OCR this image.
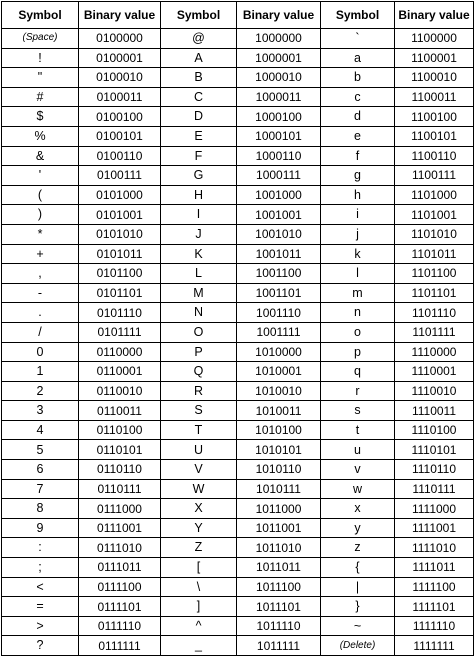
Symbol	Binary value	Symbol	Binary value	Symbol	Binary value
(Space)	0100000	@	1000000	`	1100000
!	0100001	A	1000001	a	1100001
"	0100010	B	1000010	b	1100010
#	0100011	C	1000011	c	1100011
$	0100100	D	1000100	d	1100100
%	0100101	E	1000101	e	1100101
&	0100110	F	1000110	f	1100110
'	0100111	G	1000111	g	1100111
(	0101000	H	1001000	h	1101000
)	0101001	I	1001001	i	1101001
*	0101010	J	1001010	j	1101010
+	0101011	K	1001011	k	1101011
,	0101100	L	1001100	l	1101100
-	0101101	M	1001101	m	1101101
.	0101110	N	1001110	n	1101110
/	0101111	O	1001111	o	1101111
0	0110000	P	1010000	p	1110000
1	0110001	Q	1010001	q	1110001
2	0110010	R	1010010	r	1110010
3	0110011	S	1010011	s	1110011
4	0110100	T	1010100	t	1110100
5	0110101	U	1010101	u	1110101
6	0110110	V	1010110	v	1110110
7	0110111	W	1010111	w	1110111
8	0111000	X	1011000	x	1111000
9	0111001	Y	1011001	y	1111001
:	0111010	Z	1011010	z	1111010
;	0111011	[	1011011	{	1111011
<	0111100	\	1011100	|	1111100
=	0111101	]	1011101	}	1111101
>	0111110	^	1011110	~	1111110
?	0111111	_	1011111	(Delete)	1111111
